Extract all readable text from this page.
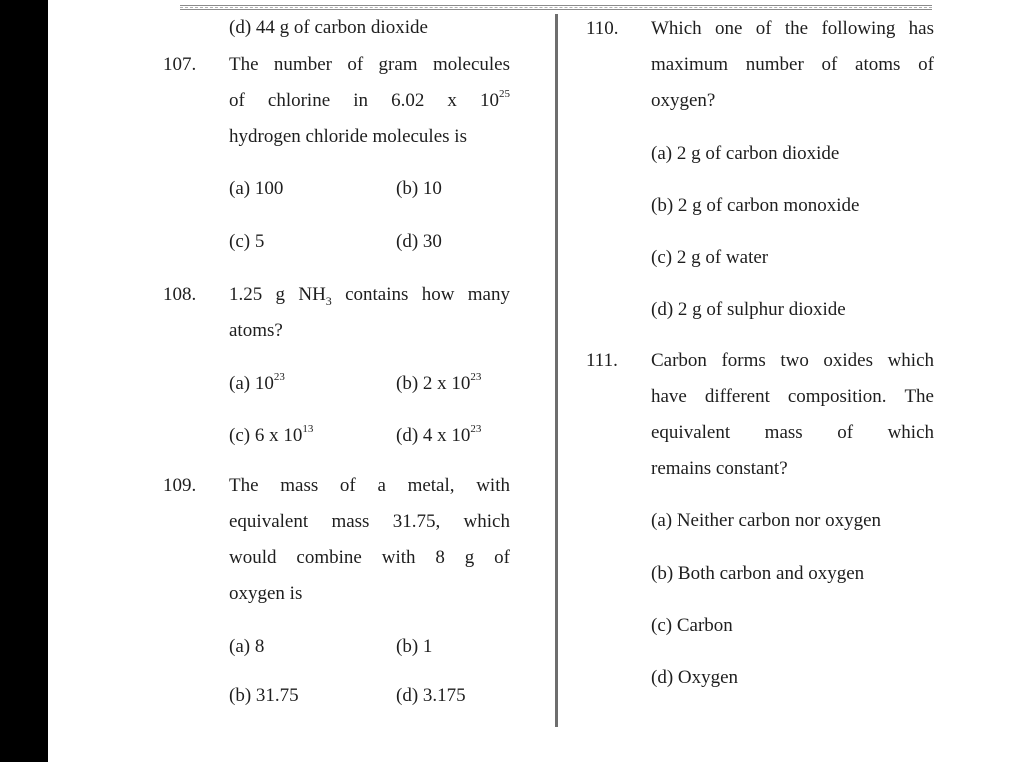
(d) 44 g of carbon dioxide
107. The number of gram molecules
of chlorine in 6.02 x $10^{25}$
hydrogen chloride molecules is
(a) 100	(b) 10
(c) 5	(d) 30
108. 1.25 g $NH_3$ contains how many
atoms?
(a) $10^{23}$	(b) 2 x $10^{23}$
(c) 6 x $10^{13}$	(d) 4 x $10^{23}$
109. The mass of a metal, with
equivalent mass 31.75, which
would combine with 8 g of
oxygen is
(a) 8	(b) 1
(b) 31.75	(d) 3.175
110. Which one of the following has
maximum number of atoms of
oxygen?
(a) 2 g of carbon dioxide
(b) 2 g of carbon monoxide
(c) 2 g of water
(d) 2 g of sulphur dioxide
111. Carbon forms two oxides which
have different composition. The
equivalent mass of which
remains constant?
(a) Neither carbon nor oxygen
(b) Both carbon and oxygen
(c) Carbon
(d) Oxygen
